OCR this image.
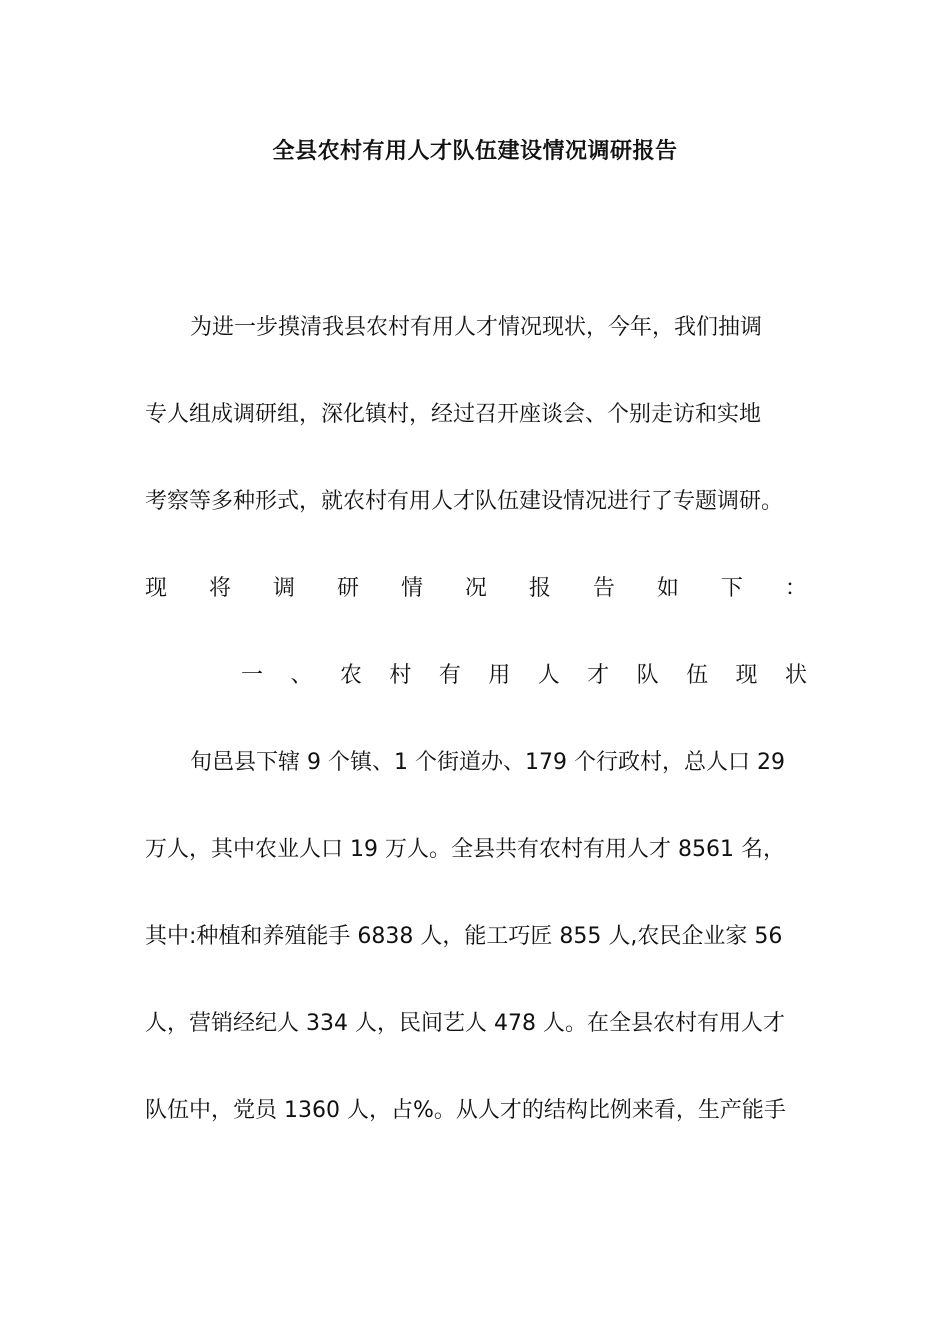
全县农村有用人才队伍建设情况调研报告

为进一步摸清我县农村有用人才情况现状，今年，我们抽调

专人组成调研组，深化镇村，经过召开座谈会、个别走访和实地

考察等多种形式，就农村有用人才队伍建设情况进行了专题调研。

现 将 调 研 情 况 报 告 如 下 ：

一 、 农 村 有 用 人 才 队 伍 现 状

旬邑县下辖 9 个镇、1 个街道办、179 个行政村，总人口 29

万人，其中农业人口 19 万人。全县共有农村有用人才 8561 名，

其中:种植和养殖能手 6838 人，能工巧匠 855 人,农民企业家 56

人，营销经纪人 334 人，民间艺人 478 人。在全县农村有用人才

队伍中，党员 1360 人，占%。从人才的结构比例来看，生产能手
